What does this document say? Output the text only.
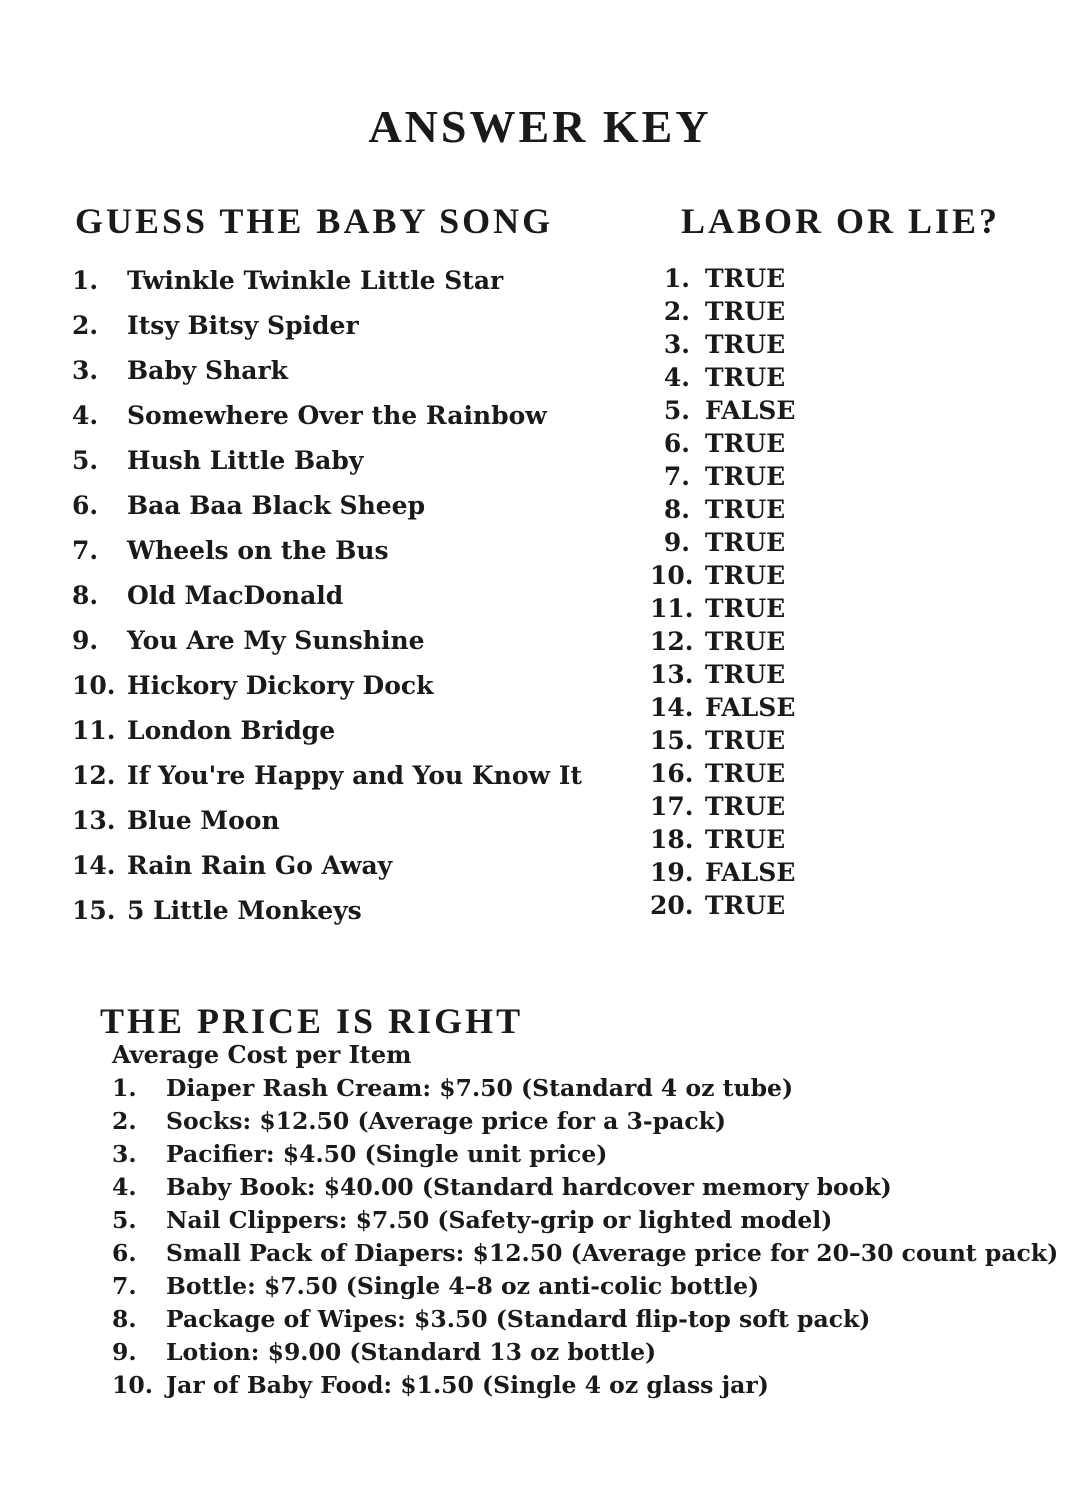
ANSWER KEY
GUESS THE BABY SONG
1. Twinkle Twinkle Little Star
2. Itsy Bitsy Spider
3. Baby Shark
4. Somewhere Over the Rainbow
5. Hush Little Baby
6. Baa Baa Black Sheep
7. Wheels on the Bus
8. Old MacDonald
9. You Are My Sunshine
10. Hickory Dickory Dock
11. London Bridge
12. If You're Happy and You Know It
13. Blue Moon
14. Rain Rain Go Away
15. 5 Little Monkeys
LABOR OR LIE?
1. TRUE
2. TRUE
3. TRUE
4. TRUE
5. FALSE
6. TRUE
7. TRUE
8. TRUE
9. TRUE
10. TRUE
11. TRUE
12. TRUE
13. TRUE
14. FALSE
15. TRUE
16. TRUE
17. TRUE
18. TRUE
19. FALSE
20. TRUE
THE PRICE IS RIGHT

Average Cost per Item

1. Diaper Rash Cream: $7.50 (Standard 4 oz tube)
2. Socks: $12.50 (Average price for a 3-pack)
3. Pacifier: $4.50 (Single unit price)
4. Baby Book: $40.00 (Standard hardcover memory book)
5. Nail Clippers: $7.50 (Safety-grip or lighted model)
6. Small Pack of Diapers: $12.50 (Average price for 20–30 count pack)
7. Bottle: $7.50 (Single 4–8 oz anti-colic bottle)
8. Package of Wipes: $3.50 (Standard flip-top soft pack)
9. Lotion: $9.00 (Standard 13 oz bottle)
10. Jar of Baby Food: $1.50 (Single 4 oz glass jar)
